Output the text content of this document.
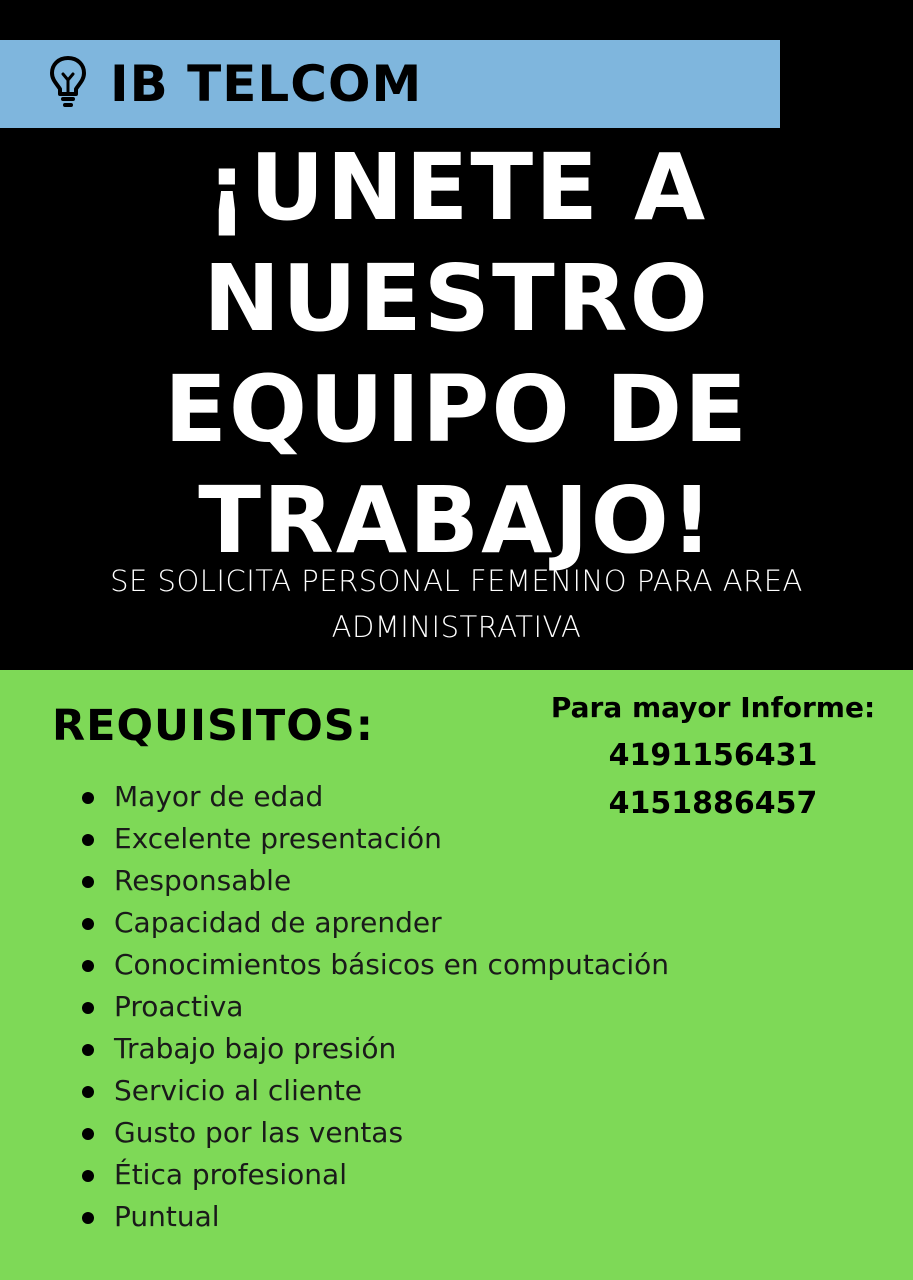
IB TELCOM
¡UNETE A
NUESTRO
EQUIPO DE
TRABAJO!
SE SOLICITA PERSONAL FEMENINO PARA AREA
ADMINISTRATIVA
REQUISITOS:
Mayor de edad
Excelente presentación
Responsable
Capacidad de aprender
Conocimientos básicos en computación
Proactiva
Trabajo bajo presión
Servicio al cliente
Gusto por las ventas
Ética profesional
Puntual
Para mayor Informe:
4191156431
4151886457
